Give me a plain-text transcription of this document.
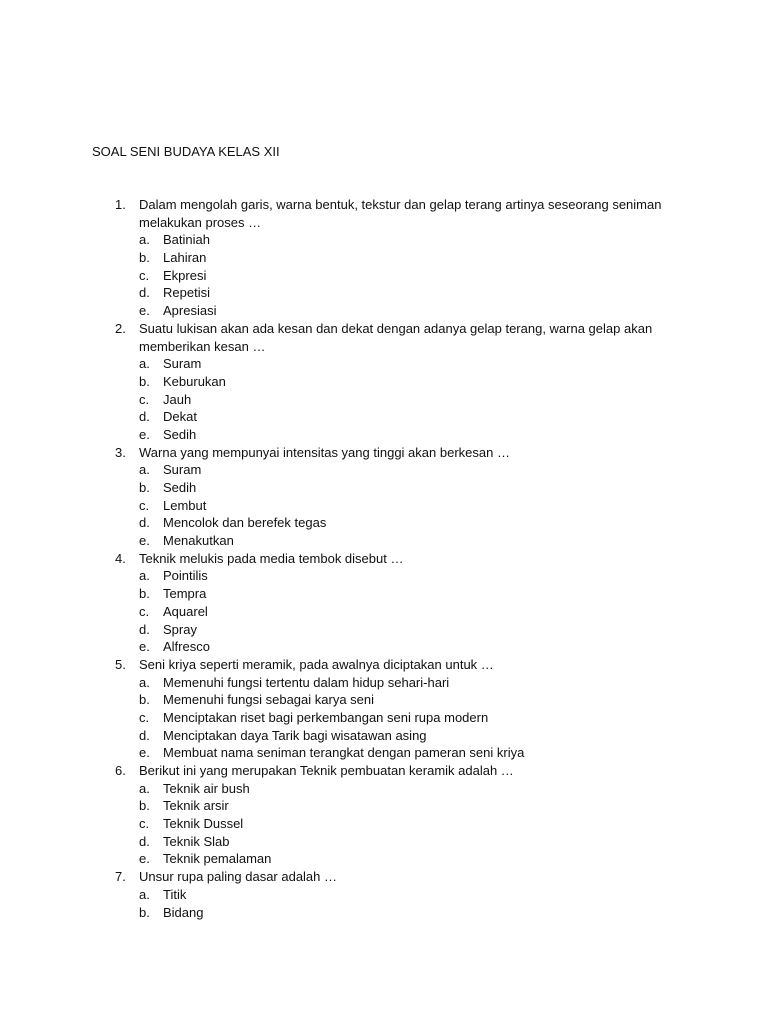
SOAL SENI BUDAYA KELAS XII
1. Dalam mengolah garis, warna bentuk, tekstur dan gelap terang artinya seseorang seniman
melakukan proses …
a. Batiniah
b. Lahiran
c. Ekpresi
d. Repetisi
e. Apresiasi
2. Suatu lukisan akan ada kesan dan dekat dengan adanya gelap terang, warna gelap akan
memberikan kesan …
a. Suram
b. Keburukan
c. Jauh
d. Dekat
e. Sedih
3. Warna yang mempunyai intensitas yang tinggi akan berkesan …
a. Suram
b. Sedih
c. Lembut
d. Mencolok dan berefek tegas
e. Menakutkan
4. Teknik melukis pada media tembok disebut …
a. Pointilis
b. Tempra
c. Aquarel
d. Spray
e. Alfresco
5. Seni kriya seperti meramik, pada awalnya diciptakan untuk …
a. Memenuhi fungsi tertentu dalam hidup sehari-hari
b. Memenuhi fungsi sebagai karya seni
c. Menciptakan riset bagi perkembangan seni rupa modern
d. Menciptakan daya Tarik bagi wisatawan asing
e. Membuat nama seniman terangkat dengan pameran seni kriya
6. Berikut ini yang merupakan Teknik pembuatan keramik adalah …
a. Teknik air bush
b. Teknik arsir
c. Teknik Dussel
d. Teknik Slab
e. Teknik pemalaman
7. Unsur rupa paling dasar adalah …
a. Titik
b. Bidang
